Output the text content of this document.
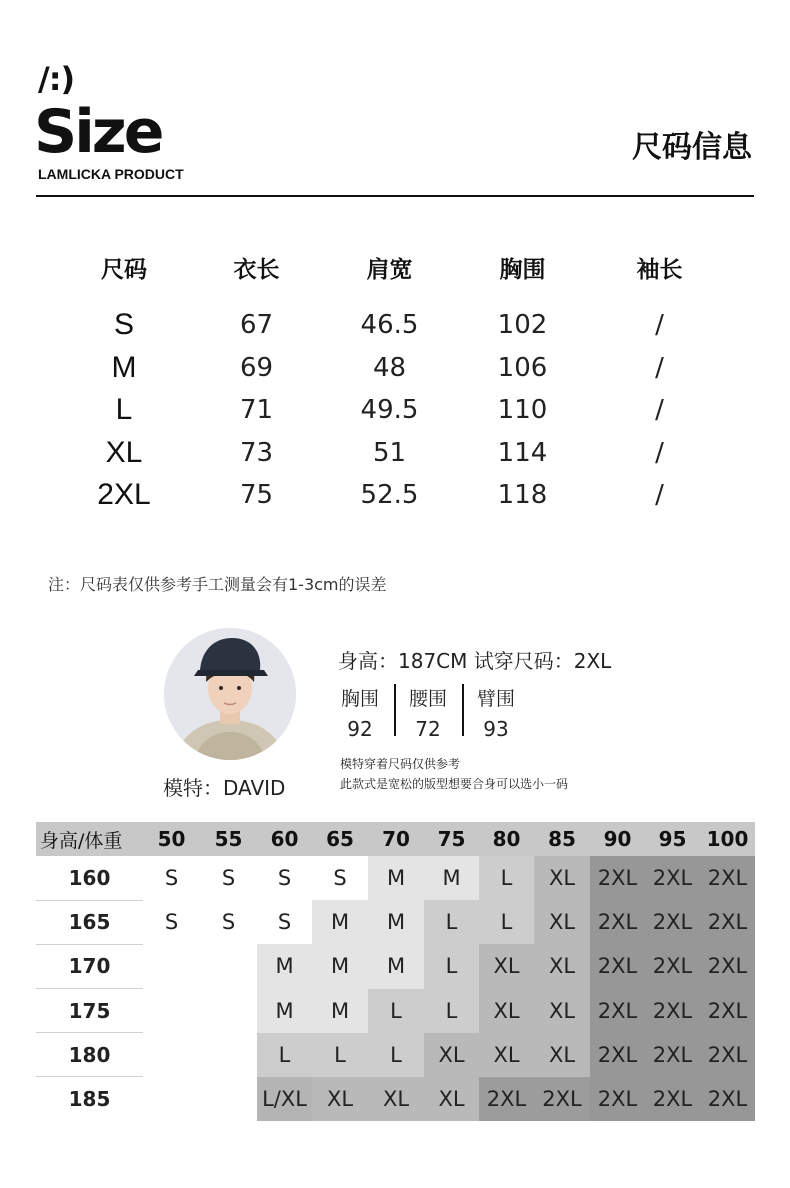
/:)
Size
LAMLICKA PRODUCT
尺码信息
尺码	衣长	肩宽	胸围	袖长
S	67	46.5	102	/
M	69	48	106	/
L	71	49.5	110	/
XL	73	51	114	/
2XL	75	52.5	118	/
注：尺码表仅供参考手工测量会有1-3cm的误差
模特：DAVID
身高：187CM 试穿尺码：2XL
胸围
92
腰围
72
臂围
93
模特穿着尺码仅供参考
此款式是宽松的版型想要合身可以选小一码
身高/体重	50	55	60	65	70	75	80	85	90	95	100
160	S	S	S	S	M	M	L	XL	2XL	2XL	2XL
165	S	S	S	M	M	L	L	XL	2XL	2XL	2XL
170			M	M	M	L	XL	XL	2XL	2XL	2XL
175			M	M	L	L	XL	XL	2XL	2XL	2XL
180			L	L	L	XL	XL	XL	2XL	2XL	2XL
185			L/XL	XL	XL	XL	2XL	2XL	2XL	2XL	2XL
